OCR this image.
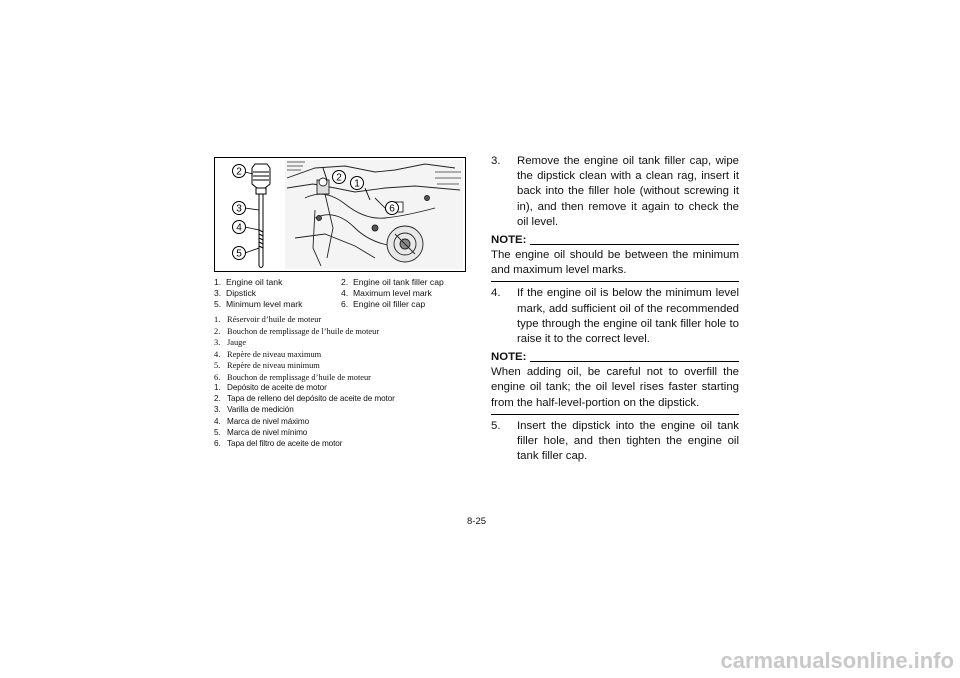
2
3
4
5
2
1
6
1. Engine oil tank	2. Engine oil tank filler cap
3. Dipstick	4. Maximum level mark
5. Minimum level mark	6. Engine oil filler cap
1. Réservoir d’huile de moteur
2. Bouchon de remplissage de l’huile de moteur
3. Jauge
4. Repère de niveau maximum
5. Repère de niveau minimum
6. Bouchon de remplissage d’huile de moteur
1. Depósito de aceite de motor
2. Tapa de relleno del depósito de aceite de motor
3. Varilla de medición
4. Marca de nivel máximo
5. Marca de nivel mínimo
6. Tapa del filtro de aceite de motor
3.	Remove the engine oil tank filler cap, wipe the dipstick clean with a clean rag, insert it back into the filler hole (without screwing it in), and then remove it again to check the oil level.
NOTE:
The engine oil should be between the minimum and maximum level marks.
4.	If the engine oil is below the minimum level mark, add sufficient oil of the recommended type through the engine oil tank filler hole to raise it to the correct level.
NOTE:
When adding oil, be careful not to overfill the engine oil tank; the oil level rises faster starting from the half-level-portion on the dipstick.
5.	Insert the dipstick into the engine oil tank filler hole, and then tighten the engine oil tank filler cap.
8-25
carmanualsonline.info
